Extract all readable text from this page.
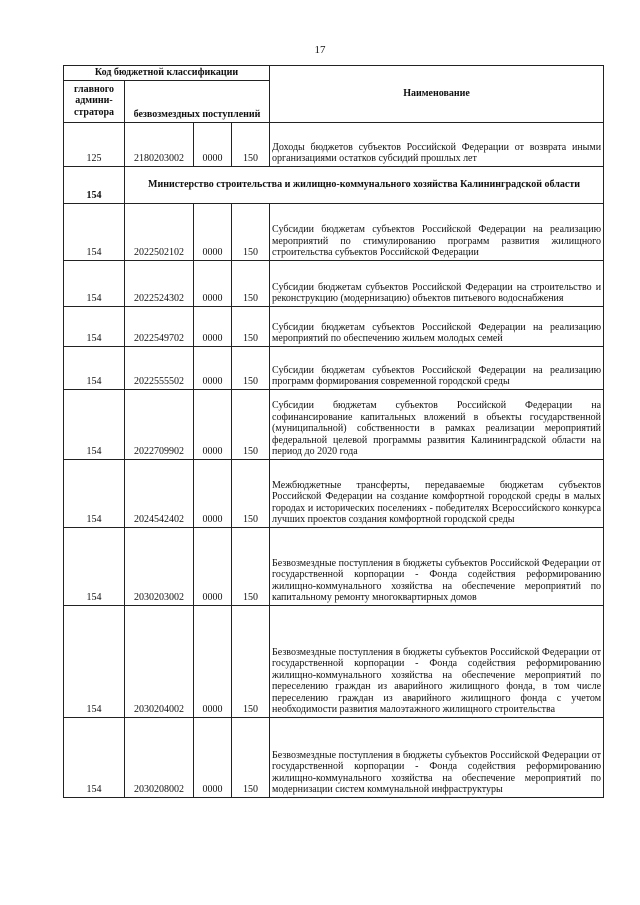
17
Код бюджетной классификации				Наименование
главного админи-стратора	безвозмездных поступлений			
125	2180203002	0000	150	Доходы бюджетов субъектов Российской Федерации от возврата иными организациями остатков субсидий прошлых лет
154	Министерство строительства и жилищно-коммунального хозяйства Калининградской области			
154	2022502102	0000	150	Субсидии бюджетам субъектов Российской Федерации на реализацию мероприятий по стимулированию программ развития жилищного строительства субъектов Российской Федерации
154	2022524302	0000	150	Субсидии бюджетам субъектов Российской Федерации на строительство и реконструкцию (модернизацию) объектов питьевого водоснабжения
154	2022549702	0000	150	Субсидии бюджетам субъектов Российской Федерации на реализацию мероприятий по обеспечению жильем молодых семей
154	2022555502	0000	150	Субсидии бюджетам субъектов Российской Федерации на реализацию программ формирования современной городской среды
154	2022709902	0000	150	Субсидии бюджетам субъектов Российской Федерации на софинансирование капитальных вложений в объекты государственной (муниципальной) собственности в рамках реализации мероприятий федеральной целевой программы развития Калининградской области на период до 2020 года
154	2024542402	0000	150	Межбюджетные трансферты, передаваемые бюджетам субъектов Российской Федерации на создание комфортной городской среды в малых городах и исторических поселениях - победителях Всероссийского конкурса лучших проектов создания комфортной городской среды
154	2030203002	0000	150	Безвозмездные поступления в бюджеты субъектов Российской Федерации от государственной корпорации - Фонда содействия реформированию жилищно-коммунального хозяйства на обеспечение мероприятий по капитальному ремонту многоквартирных домов
154	2030204002	0000	150	Безвозмездные поступления в бюджеты субъектов Российской Федерации от государственной корпорации - Фонда содействия реформированию жилищно-коммунального хозяйства на обеспечение мероприятий по переселению граждан из аварийного жилищного фонда, в том числе переселению граждан из аварийного жилищного фонда с учетом необходимости развития малоэтажного жилищного строительства
154	2030208002	0000	150	Безвозмездные поступления в бюджеты субъектов Российской Федерации от государственной корпорации - Фонда содействия реформированию жилищно-коммунального хозяйства на обеспечение мероприятий по модернизации систем коммунальной инфраструктуры
